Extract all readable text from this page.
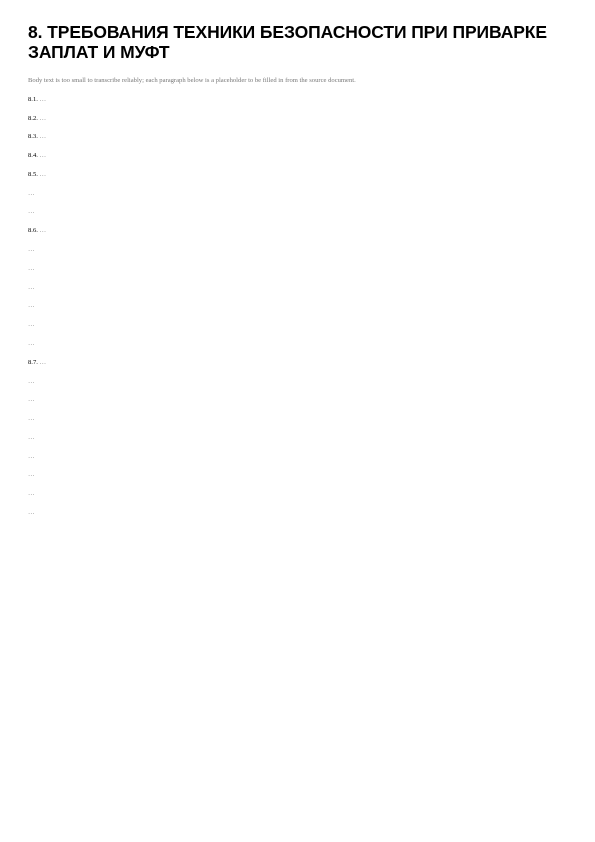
8. ТРЕБОВАНИЯ ТЕХНИКИ БЕЗОПАСНОСТИ ПРИ ПРИВАРКЕ ЗАПЛАТ И МУФТ

Body text is too small to transcribe reliably; each paragraph below is a placeholder to be filled in from the source document.

8.1. …

8.2. …

8.3. …

8.4. …

8.5. …

…

…

8.6. …

…

…

…

…

…

…

8.7. …

…

…

…

…

…

…

…

…
